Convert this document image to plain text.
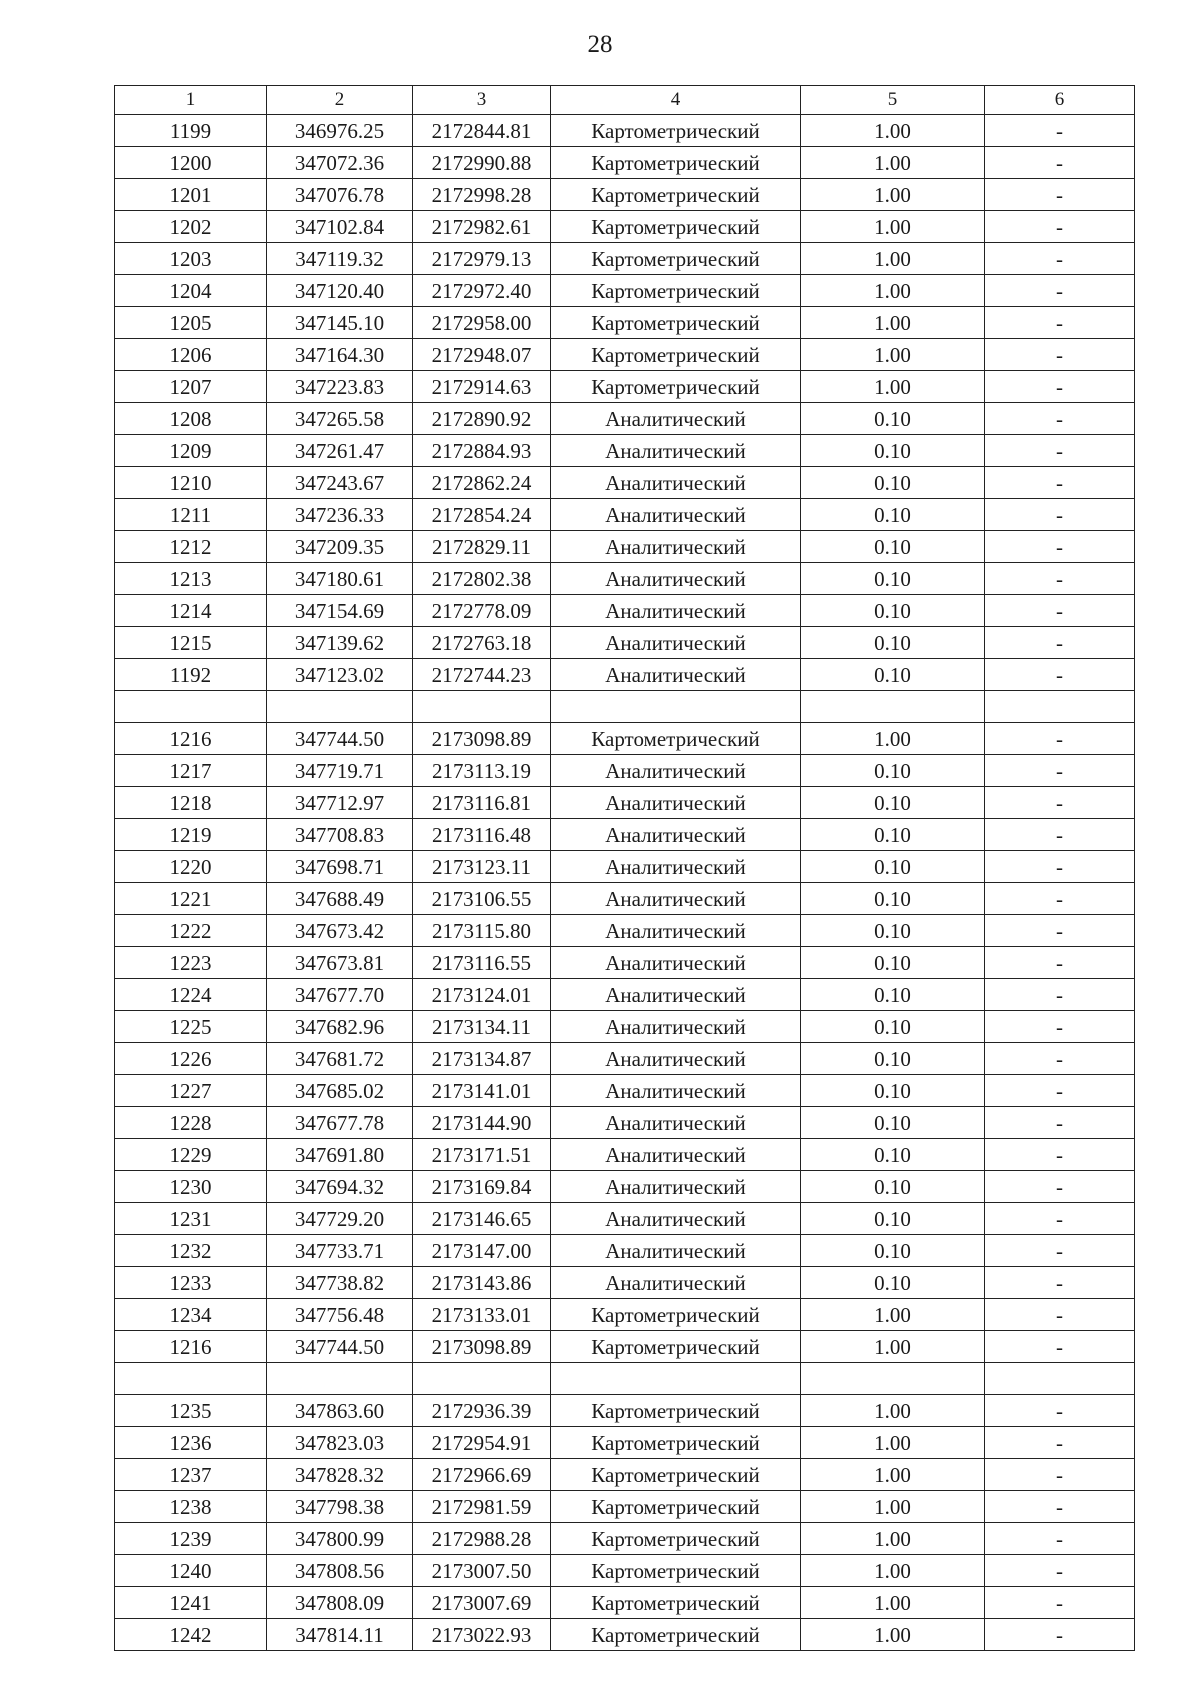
28
1	2	3	4	5	6
1199	346976.25	2172844.81	Картометрический	1.00	-
1200	347072.36	2172990.88	Картометрический	1.00	-
1201	347076.78	2172998.28	Картометрический	1.00	-
1202	347102.84	2172982.61	Картометрический	1.00	-
1203	347119.32	2172979.13	Картометрический	1.00	-
1204	347120.40	2172972.40	Картометрический	1.00	-
1205	347145.10	2172958.00	Картометрический	1.00	-
1206	347164.30	2172948.07	Картометрический	1.00	-
1207	347223.83	2172914.63	Картометрический	1.00	-
1208	347265.58	2172890.92	Аналитический	0.10	-
1209	347261.47	2172884.93	Аналитический	0.10	-
1210	347243.67	2172862.24	Аналитический	0.10	-
1211	347236.33	2172854.24	Аналитический	0.10	-
1212	347209.35	2172829.11	Аналитический	0.10	-
1213	347180.61	2172802.38	Аналитический	0.10	-
1214	347154.69	2172778.09	Аналитический	0.10	-
1215	347139.62	2172763.18	Аналитический	0.10	-
1192	347123.02	2172744.23	Аналитический	0.10	-

1216	347744.50	2173098.89	Картометрический	1.00	-
1217	347719.71	2173113.19	Аналитический	0.10	-
1218	347712.97	2173116.81	Аналитический	0.10	-
1219	347708.83	2173116.48	Аналитический	0.10	-
1220	347698.71	2173123.11	Аналитический	0.10	-
1221	347688.49	2173106.55	Аналитический	0.10	-
1222	347673.42	2173115.80	Аналитический	0.10	-
1223	347673.81	2173116.55	Аналитический	0.10	-
1224	347677.70	2173124.01	Аналитический	0.10	-
1225	347682.96	2173134.11	Аналитический	0.10	-
1226	347681.72	2173134.87	Аналитический	0.10	-
1227	347685.02	2173141.01	Аналитический	0.10	-
1228	347677.78	2173144.90	Аналитический	0.10	-
1229	347691.80	2173171.51	Аналитический	0.10	-
1230	347694.32	2173169.84	Аналитический	0.10	-
1231	347729.20	2173146.65	Аналитический	0.10	-
1232	347733.71	2173147.00	Аналитический	0.10	-
1233	347738.82	2173143.86	Аналитический	0.10	-
1234	347756.48	2173133.01	Картометрический	1.00	-
1216	347744.50	2173098.89	Картометрический	1.00	-

1235	347863.60	2172936.39	Картометрический	1.00	-
1236	347823.03	2172954.91	Картометрический	1.00	-
1237	347828.32	2172966.69	Картометрический	1.00	-
1238	347798.38	2172981.59	Картометрический	1.00	-
1239	347800.99	2172988.28	Картометрический	1.00	-
1240	347808.56	2173007.50	Картометрический	1.00	-
1241	347808.09	2173007.69	Картометрический	1.00	-
1242	347814.11	2173022.93	Картометрический	1.00	-
